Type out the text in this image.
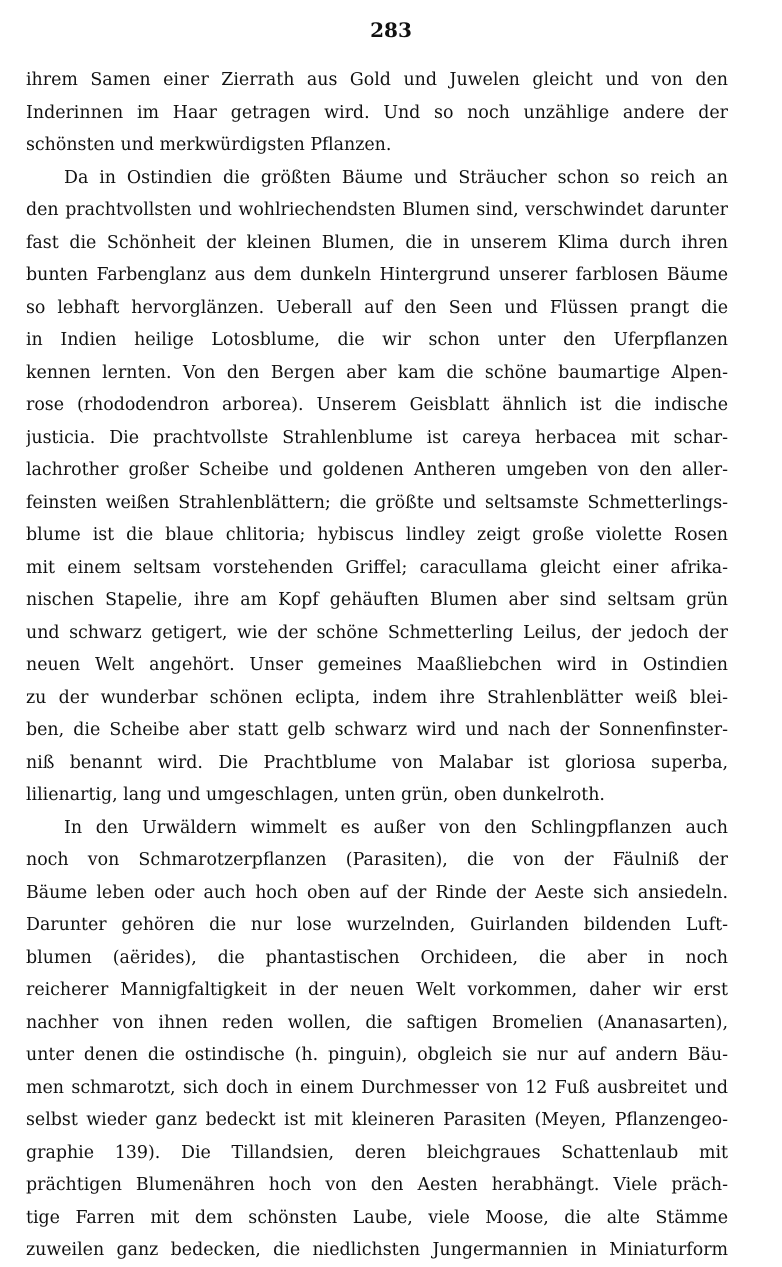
283
ihrem Samen einer Zierrath aus Gold und Juwelen gleicht und von den
Inderinnen im Haar getragen wird. Und so noch unzählige andere der
schönsten und merkwürdigsten Pflanzen.
Da in Ostindien die größten Bäume und Sträucher schon so reich an
den prachtvollsten und wohlriechendsten Blumen sind, verschwindet darunter
fast die Schönheit der kleinen Blumen, die in unserem Klima durch ihren
bunten Farbenglanz aus dem dunkeln Hintergrund unserer farblosen Bäume
so lebhaft hervorglänzen. Ueberall auf den Seen und Flüssen prangt die
in Indien heilige Lotosblume, die wir schon unter den Uferpflanzen
kennen lernten. Von den Bergen aber kam die schöne baumartige Alpen-
rose (rhododendron arborea). Unserem Geisblatt ähnlich ist die indische
justicia. Die prachtvollste Strahlenblume ist careya herbacea mit schar-
lachrother großer Scheibe und goldenen Antheren umgeben von den aller-
feinsten weißen Strahlenblättern; die größte und seltsamste Schmetterlings-
blume ist die blaue chlitoria; hybiscus lindley zeigt große violette Rosen
mit einem seltsam vorstehenden Griffel; caracullama gleicht einer afrika-
nischen Stapelie, ihre am Kopf gehäuften Blumen aber sind seltsam grün
und schwarz getigert, wie der schöne Schmetterling Leilus, der jedoch der
neuen Welt angehört. Unser gemeines Maaßliebchen wird in Ostindien
zu der wunderbar schönen eclipta, indem ihre Strahlenblätter weiß blei-
ben, die Scheibe aber statt gelb schwarz wird und nach der Sonnenfinster-
niß benannt wird. Die Prachtblume von Malabar ist gloriosa superba,
lilienartig, lang und umgeschlagen, unten grün, oben dunkelroth.
In den Urwäldern wimmelt es außer von den Schlingpflanzen auch
noch von Schmarotzerpflanzen (Parasiten), die von der Fäulniß der
Bäume leben oder auch hoch oben auf der Rinde der Aeste sich ansiedeln.
Darunter gehören die nur lose wurzelnden, Guirlanden bildenden Luft-
blumen (aërides), die phantastischen Orchideen, die aber in noch
reicherer Mannigfaltigkeit in der neuen Welt vorkommen, daher wir erst
nachher von ihnen reden wollen, die saftigen Bromelien (Ananasarten),
unter denen die ostindische (h. pinguin), obgleich sie nur auf andern Bäu-
men schmarotzt, sich doch in einem Durchmesser von 12 Fuß ausbreitet und
selbst wieder ganz bedeckt ist mit kleineren Parasiten (Meyen, Pflanzengeo-
graphie 139). Die Tillandsien, deren bleichgraues Schattenlaub mit
prächtigen Blumenähren hoch von den Aesten herabhängt. Viele präch-
tige Farren mit dem schönsten Laube, viele Moose, die alte Stämme
zuweilen ganz bedecken, die niedlichsten Jungermannien in Miniaturform
